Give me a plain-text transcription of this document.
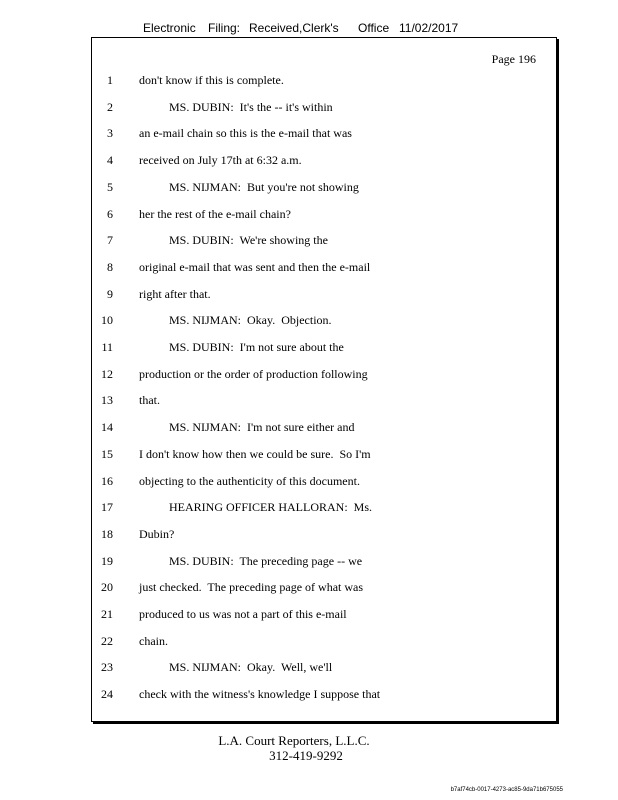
Electronic Filing: Received,Clerk's Office 11/02/2017
Page 196
1 don't know if this is complete.
2 MS. DUBIN:  It's the -- it's within
3 an e-mail chain so this is the e-mail that was
4 received on July 17th at 6:32 a.m.
5 MS. NIJMAN:  But you're not showing
6 her the rest of the e-mail chain?
7 MS. DUBIN:  We're showing the
8 original e-mail that was sent and then the e-mail
9 right after that.
10 MS. NIJMAN:  Okay.  Objection.
11 MS. DUBIN:  I'm not sure about the
12 production or the order of production following
13 that.
14 MS. NIJMAN:  I'm not sure either and
15 I don't know how then we could be sure.  So I'm
16 objecting to the authenticity of this document.
17 HEARING OFFICER HALLORAN:  Ms.
18 Dubin?
19 MS. DUBIN:  The preceding page -- we
20 just checked.  The preceding page of what was
21 produced to us was not a part of this e-mail
22 chain.
23 MS. NIJMAN:  Okay.  Well, we'll
24 check with the witness's knowledge I suppose that
L.A. Court Reporters, L.L.C.
312-419-9292
b7af74cb-0017-4273-ac85-9da71b675055
